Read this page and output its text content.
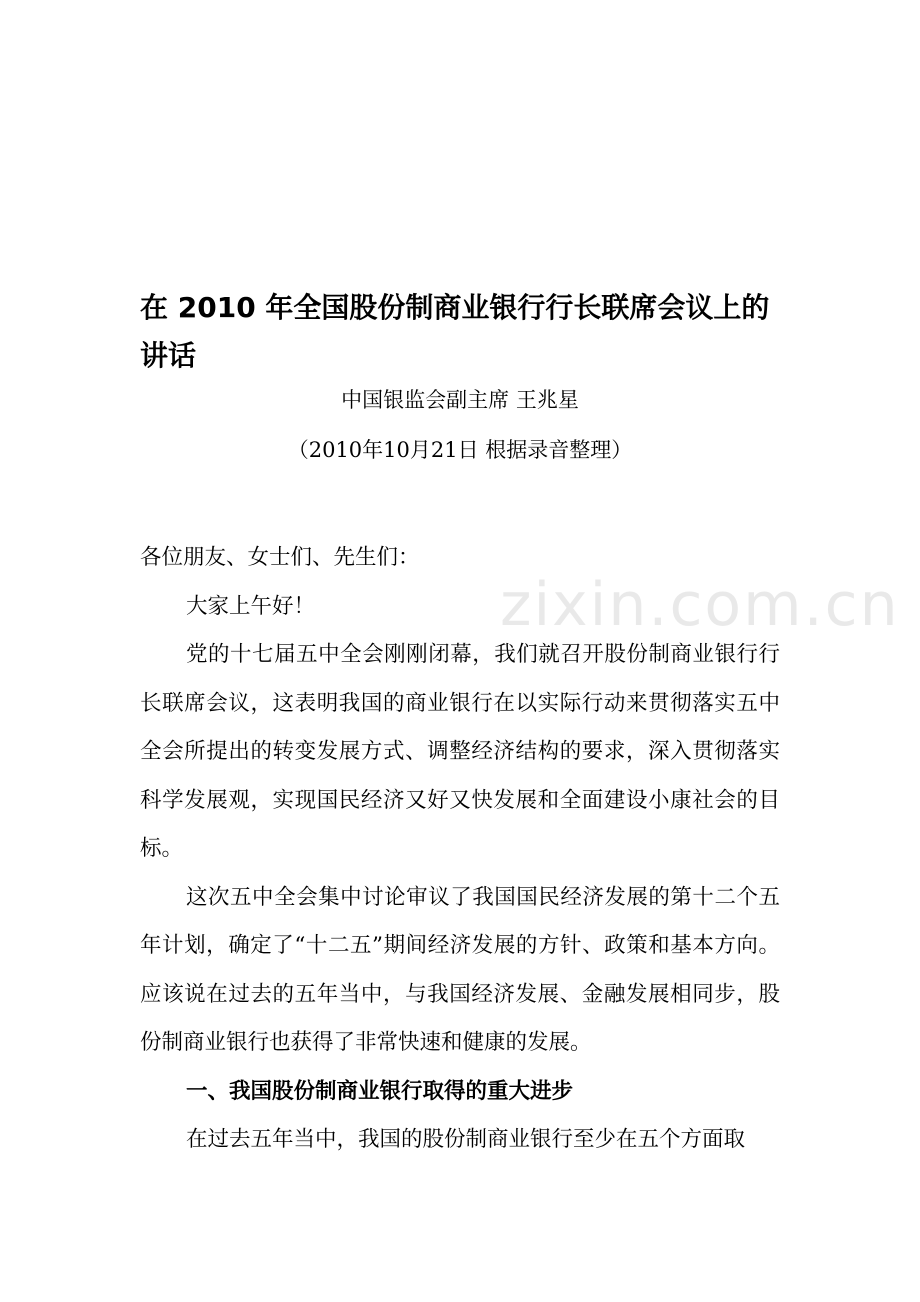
在 2010 年全国股份制商业银行行长联席会议上的讲话

中国银监会副主席 王兆星

（2010年10月21日 根据录音整理）

各位朋友、女士们、先生们：

大家上午好！

党的十七届五中全会刚刚闭幕，我们就召开股份制商业银行行长联席会议，这表明我国的商业银行在以实际行动来贯彻落实五中全会所提出的转变发展方式、调整经济结构的要求，深入贯彻落实科学发展观，实现国民经济又好又快发展和全面建设小康社会的目标。

这次五中全会集中讨论审议了我国国民经济发展的第十二个五年计划，确定了“十二五”期间经济发展的方针、政策和基本方向。应该说在过去的五年当中，与我国经济发展、金融发展相同步，股份制商业银行也获得了非常快速和健康的发展。

一、我国股份制商业银行取得的重大进步

在过去五年当中，我国的股份制商业银行至少在五个方面取

zixin.com.cn
